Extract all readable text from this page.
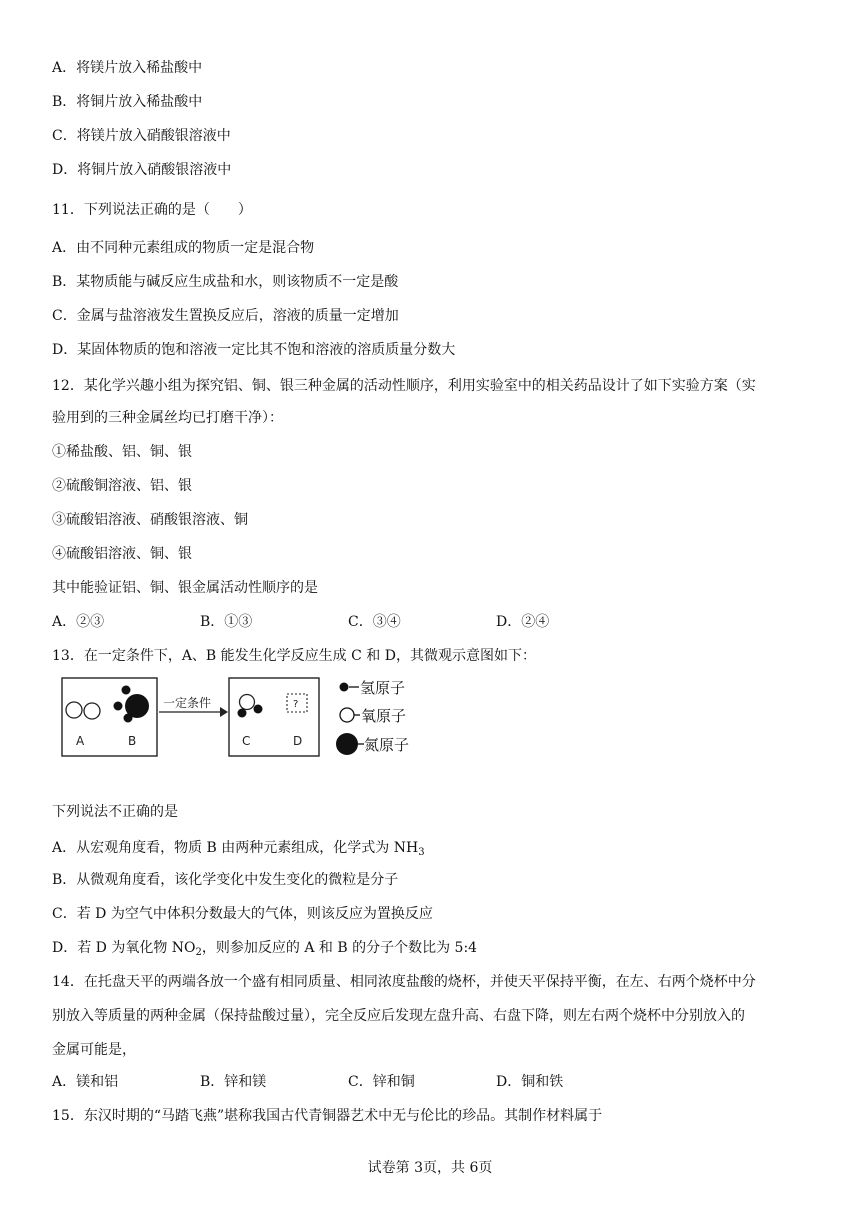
A．将镁片放入稀盐酸中
B．将铜片放入稀盐酸中
C．将镁片放入硝酸银溶液中
D．将铜片放入硝酸银溶液中
11．下列说法正确的是（　　）
A．由不同种元素组成的物质一定是混合物
B．某物质能与碱反应生成盐和水，则该物质不一定是酸
C．金属与盐溶液发生置换反应后，溶液的质量一定增加
D．某固体物质的饱和溶液一定比其不饱和溶液的溶质质量分数大
12．某化学兴趣小组为探究铝、铜、银三种金属的活动性顺序，利用实验室中的相关药品设计了如下实验方案（实
验用到的三种金属丝均已打磨干净）：
①稀盐酸、铝、铜、银
②硫酸铜溶液、铝、银
③硫酸铝溶液、硝酸银溶液、铜
④硫酸铝溶液、铜、银
其中能验证铝、铜、银金属活动性顺序的是
A．②③	B．①③	C．③④	D．②④
13．在一定条件下，A、B 能发生化学反应生成 C 和 D，其微观示意图如下：
A	B
一定条件	?
C	D
氢原子
氧原子
氮原子
下列说法不正确的是
A．从宏观角度看，物质 B 由两种元素组成，化学式为 $NH_3$
B．从微观角度看，该化学变化中发生变化的微粒是分子
C．若 D 为空气中体积分数最大的气体，则该反应为置换反应
D．若 D 为氧化物 $NO_2$，则参加反应的 A 和 B 的分子个数比为 5:4
14．在托盘天平的两端各放一个盛有相同质量、相同浓度盐酸的烧杯，并使天平保持平衡，在左、右两个烧杯中分
别放入等质量的两种金属（保持盐酸过量），完全反应后发现左盘升高、右盘下降，则左右两个烧杯中分别放入的
金属可能是，
A．镁和铝	B．锌和镁	C．锌和铜	D．铜和铁
15．东汉时期的“马踏飞燕”堪称我国古代青铜器艺术中无与伦比的珍品。其制作材料属于
试卷第 3页，共 6页
